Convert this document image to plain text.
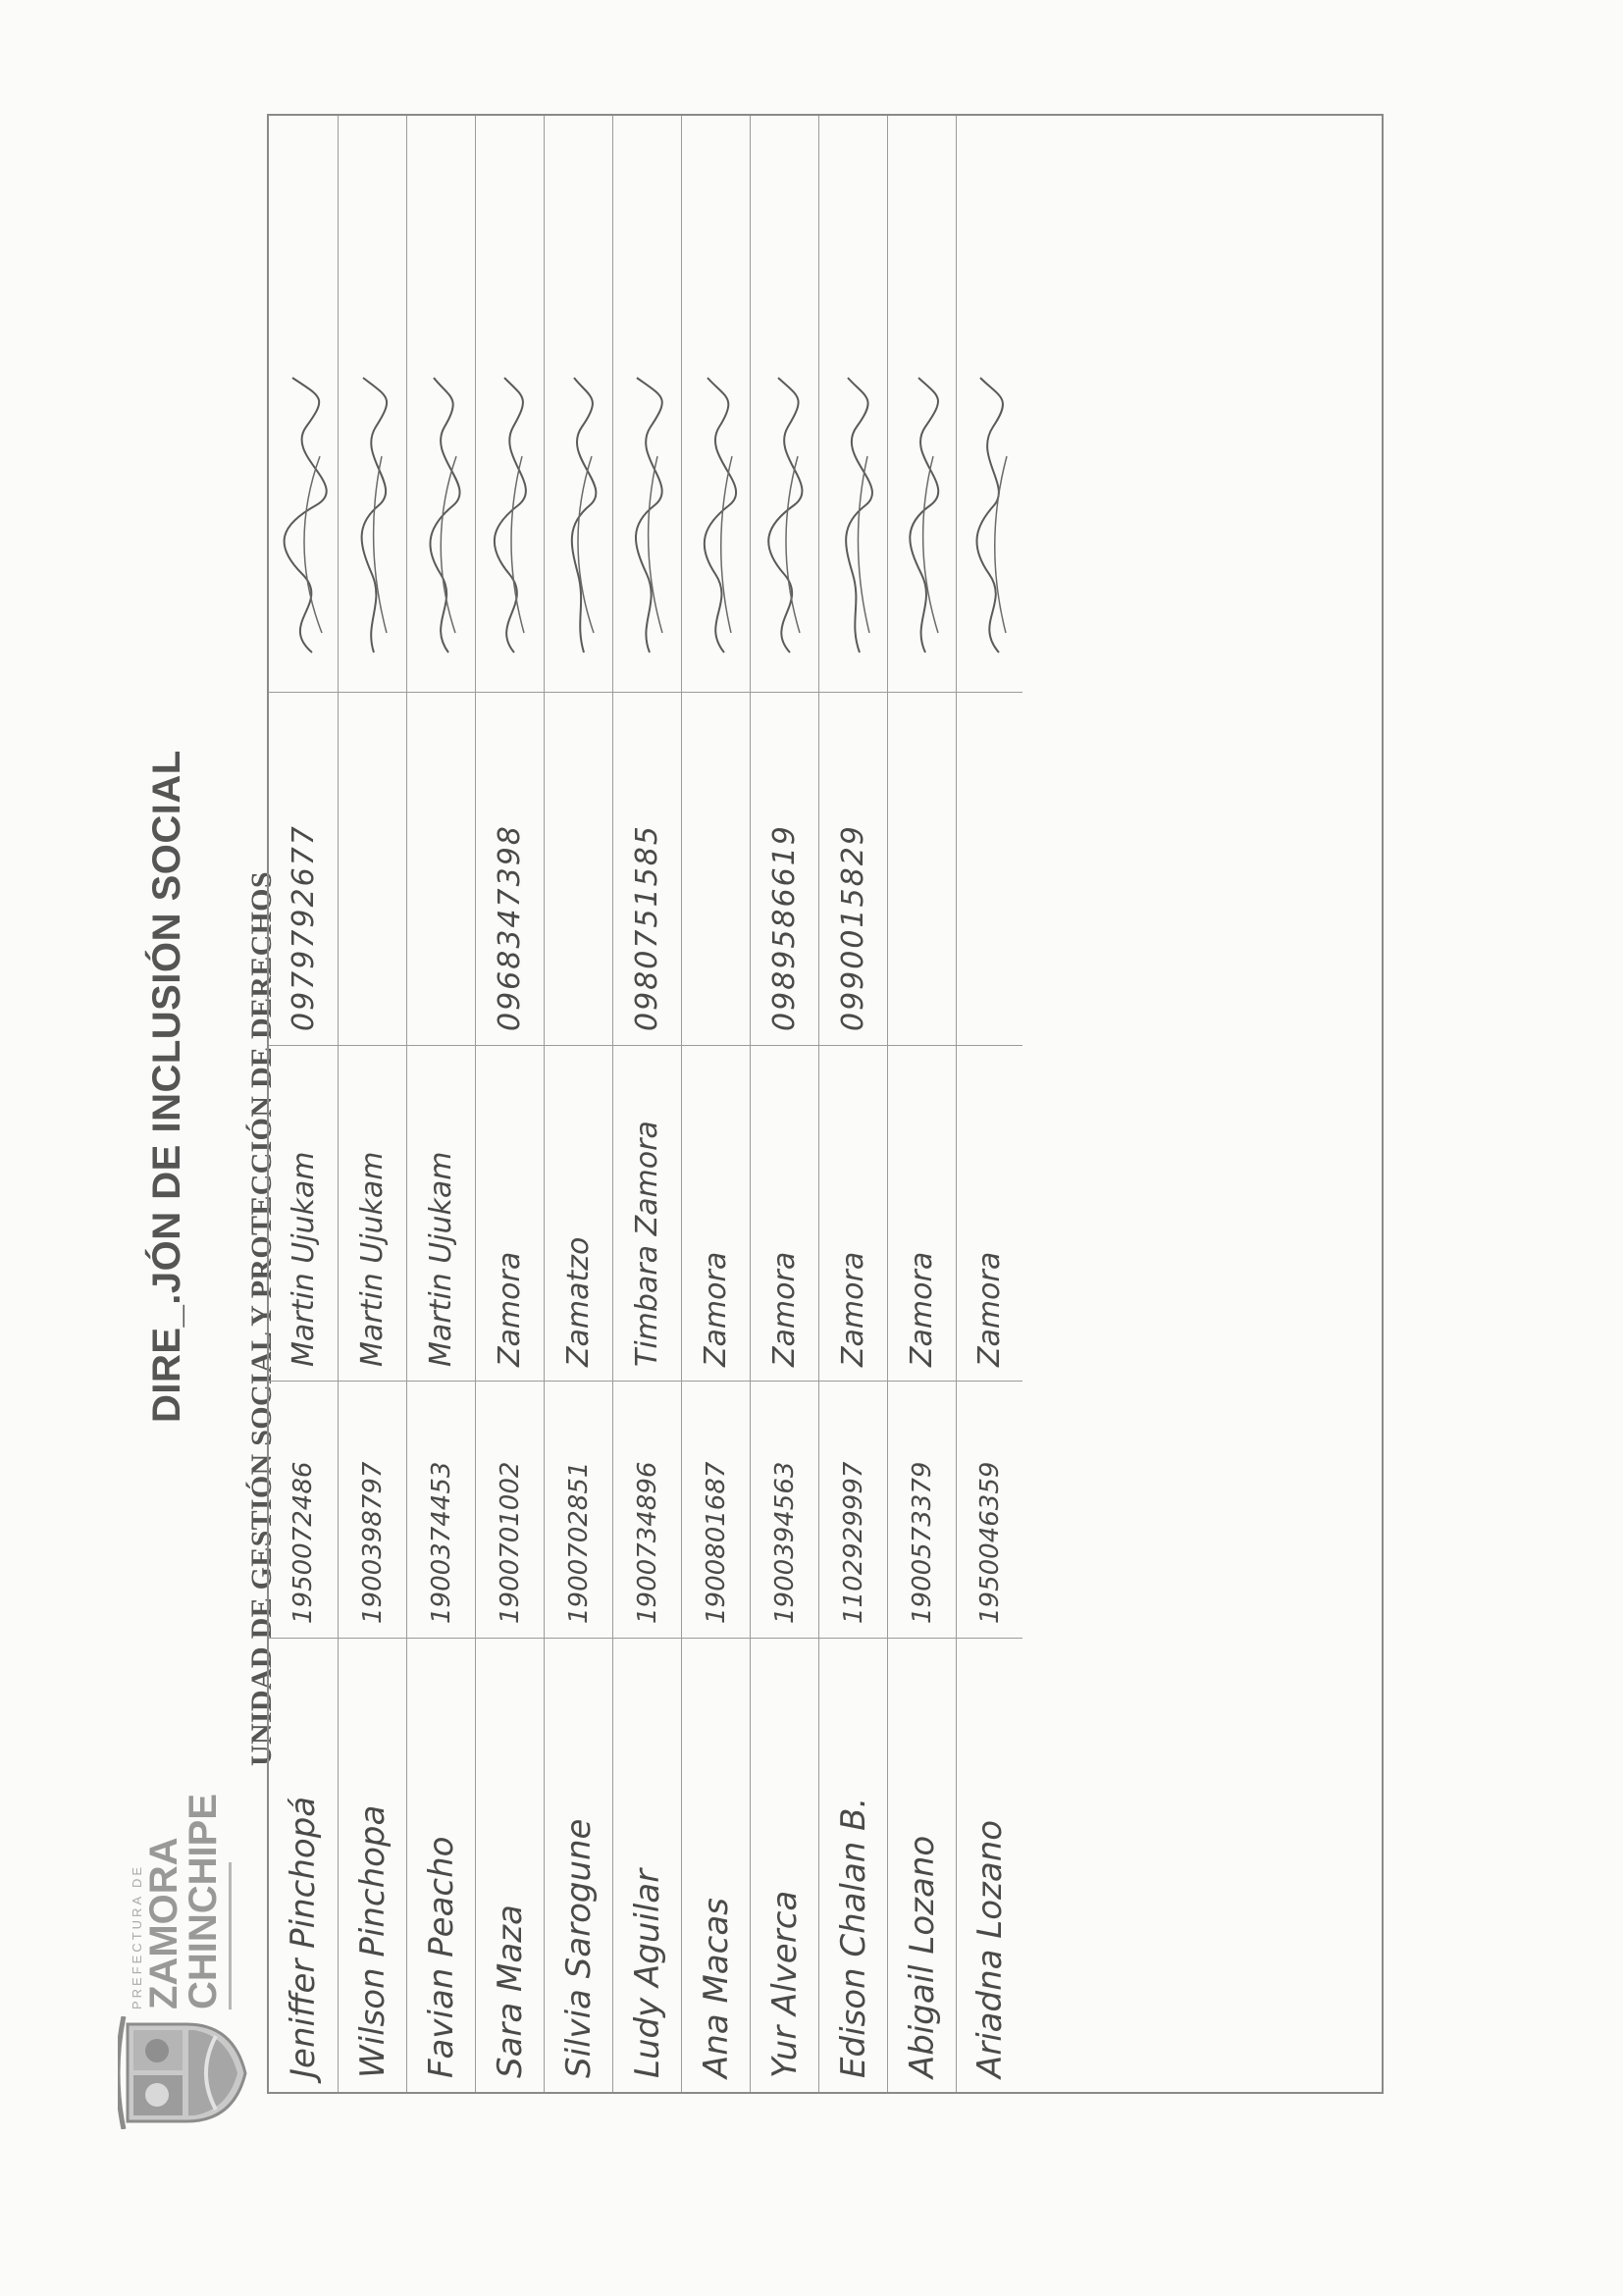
PREFECTURA DE
ZAMORA
CHINCHIPE
DIRE_.JÓN DE INCLUSIÓN SOCIAL UNIDAD DE GESTIÓN SOCIAL Y PROTECCIÓN DE DERECHOS
Jeniffer Pinchopá
1950072486
Martin Ujukam
0979792677
Wilson Pinchopa
1900398797
Martin Ujukam
Favian Peacho
1900374453
Martin Ujukam
Sara Maza
1900701002
Zamora
0968347398
Silvia Sarogune
1900702851
Zamatzo
Ludy Aguilar
1900734896
Timbara Zamora
0980751585
Ana Macas
1900801687
Zamora
Yur Alverca
1900394563
Zamora
0989586619
Edison Chalan B.
1102929997
Zamora
0990015829
Abigail Lozano
1900573379
Zamora
Ariadna Lozano
1950046359
Zamora
